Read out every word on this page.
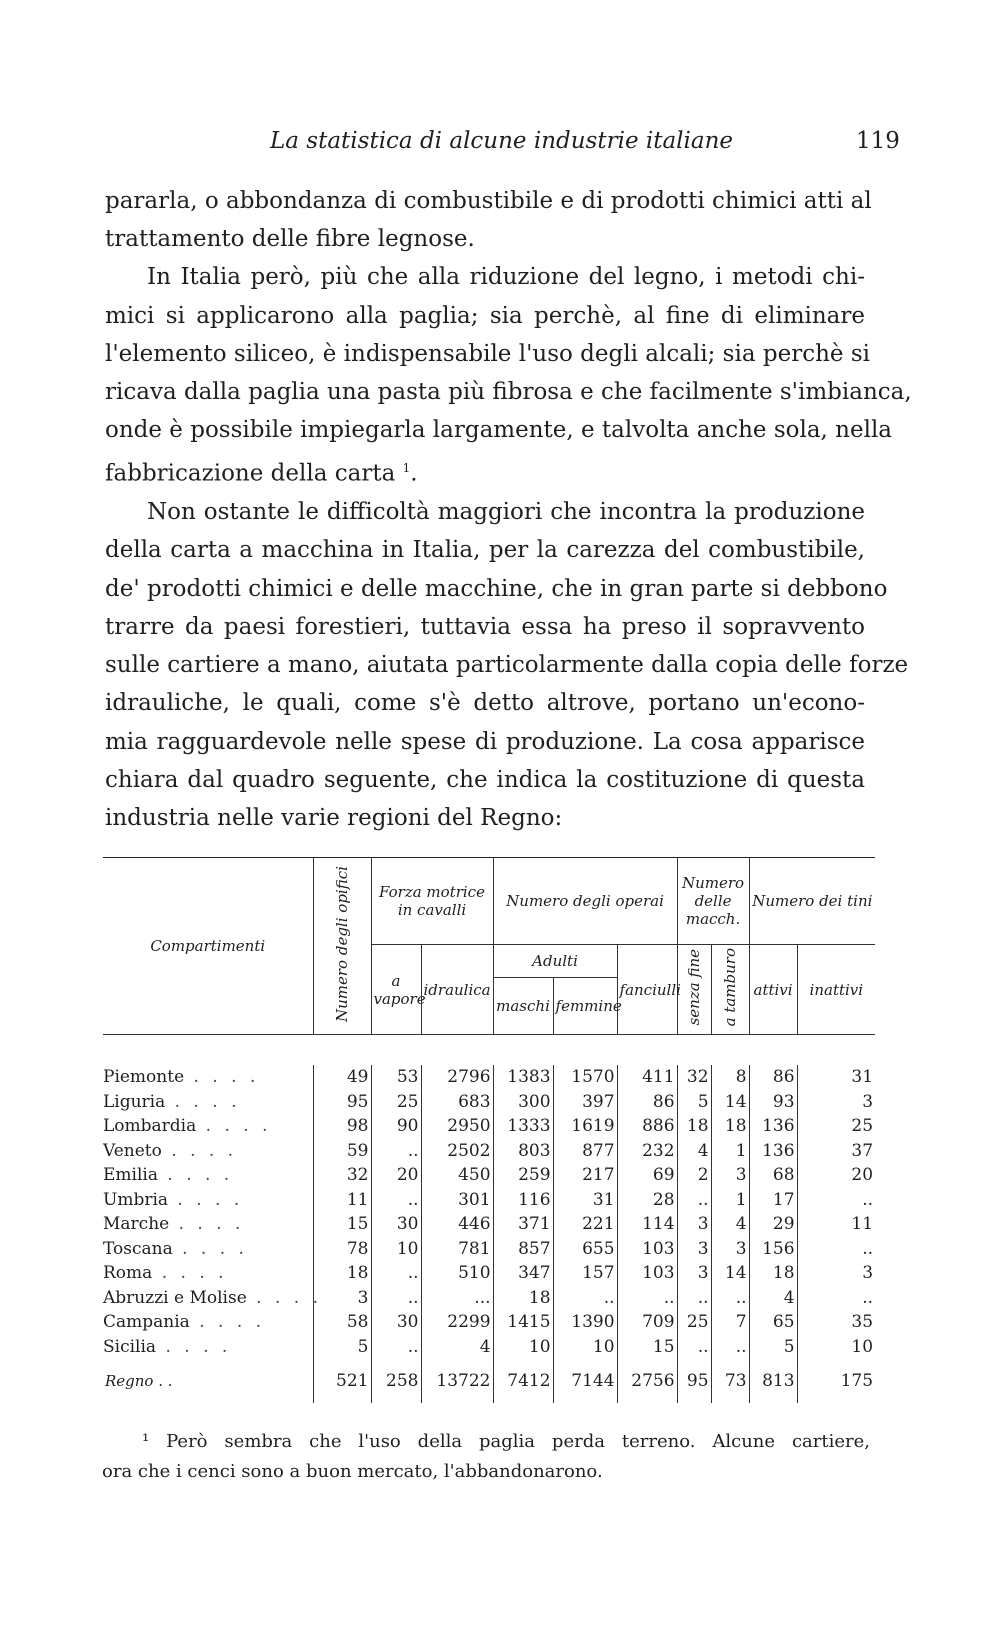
La statistica di alcune industrie italiane	119
pararla, o abbondanza di combustibile e di prodotti chimici atti al
trattamento delle fibre legnose.
In Italia però, più che alla riduzione del legno, i metodi chi-
mici si applicarono alla paglia; sia perchè, al fine di eliminare
l'elemento siliceo, è indispensabile l'uso degli alcali; sia perchè si
ricava dalla paglia una pasta più fibrosa e che facilmente s'imbianca,
onde è possibile impiegarla largamente, e talvolta anche sola, nella
fabbricazione della carta $^1$.
Non ostante le difficoltà maggiori che incontra la produzione
della carta a macchina in Italia, per la carezza del combustibile,
de' prodotti chimici e delle macchine, che in gran parte si debbono
trarre da paesi forestieri, tuttavia essa ha preso il sopravvento
sulle cartiere a mano, aiutata particolarmente dalla copia delle forze
idrauliche, le quali, come s'è detto altrove, portano un'econo-
mia ragguardevole nelle spese di produzione. La cosa apparisce
chiara dal quadro seguente, che indica la costituzione di questa
industria nelle varie regioni del Regno:
Compartimenti	Numero degli opifici	Forza motrice in cavalli		Numero degli operai			Numero delle macch.		Numero dei tini	
		a vapore	idraulica	Adulti		fanciulli	senza fine	a tamburo	attivi	inattivi
				maschi	femmine					

Piemonte . . . .	49	53	2796	1383	1570	411	32	8	86	31
Liguria . . . .	95	25	683	300	397	86	5	14	93	3
Lombardia . . . .	98	90	2950	1333	1619	886	18	18	136	25
Veneto . . . .	59	..	2502	803	877	232	4	1	136	37
Emilia . . . .	32	20	450	259	217	69	2	3	68	20
Umbria . . . .	11	..	301	116	31	28	..	1	17	..
Marche . . . .	15	30	446	371	221	114	3	4	29	11
Toscana . . . .	78	10	781	857	655	103	3	3	156	..
Roma . . . .	18	..	510	347	157	103	3	14	18	3
Abruzzi e Molise . . . .	3	..	...	18	..	..	..	..	4	..
Campania . . . .	58	30	2299	1415	1390	709	25	7	65	35
Sicilia . . . .	5	..	4	10	10	15	..	..	5	10
Regno . .	521	258	13722	7412	7144	2756	95	73	813	175
¹ Però sembra che l'uso della paglia perda terreno. Alcune cartiere,
ora che i cenci sono a buon mercato, l'abbandonarono.
